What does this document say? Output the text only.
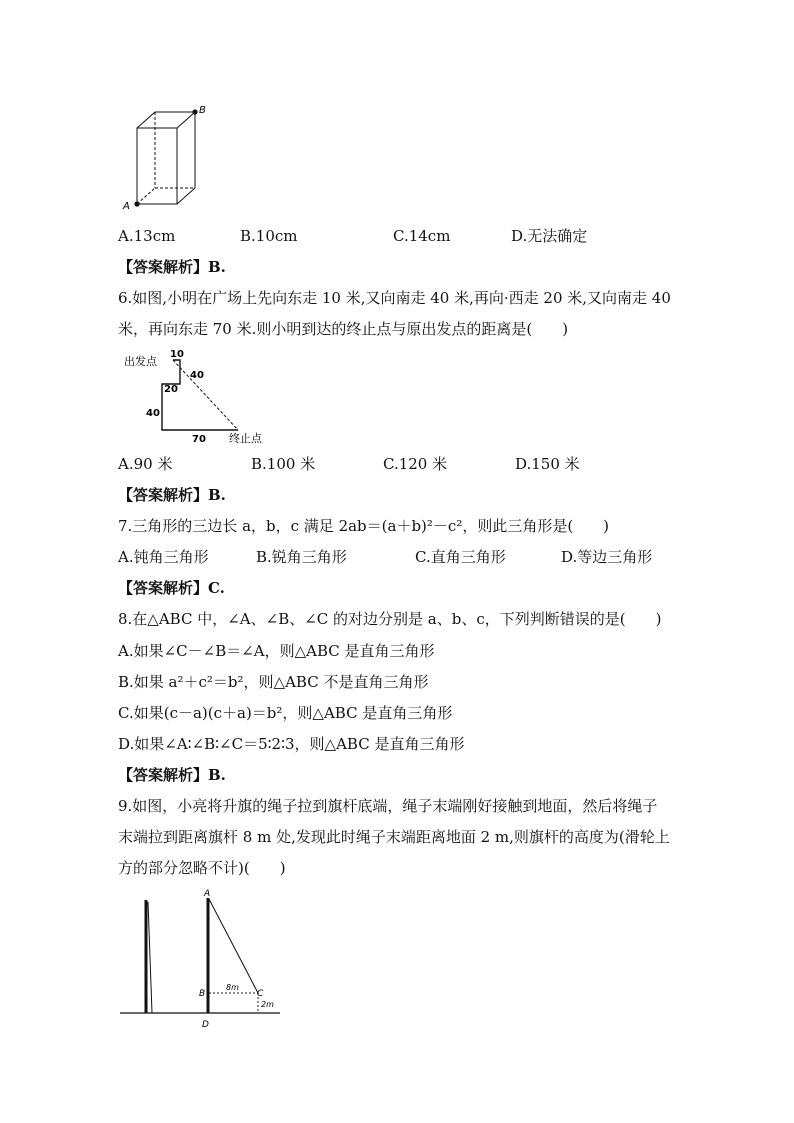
A
B
A.13cm	B.10cm	C.14cm	D.无法确定
【答案解析】B.
6.如图,小明在广场上先向东走 10 米,又向南走 40 米,再向·西走 20 米,又向南走 40
米，再向东走 70 米.则小明到达的终止点与原出发点的距离是(　　)
出发点
10
40
20
40
70 终止点
A.90 米	B.100 米	C.120 米	D.150 米
【答案解析】B.
7.三角形的三边长 a，b，c 满足 2ab＝(a＋b)²－c²，则此三角形是(　　)
A.钝角三角形	B.锐角三角形	C.直角三角形	D.等边三角形
【答案解析】C.
8.在△ABC 中，∠A、∠B、∠C 的对边分别是 a、b、c，下列判断错误的是(　　)
A.如果∠C－∠B＝∠A，则△ABC 是直角三角形
B.如果 a²＋c²＝b²，则△ABC 不是直角三角形
C.如果(c－a)(c＋a)＝b²，则△ABC 是直角三角形
D.如果∠A∶∠B∶∠C＝5∶2∶3，则△ABC 是直角三角形
【答案解析】B.
9.如图，小亮将升旗的绳子拉到旗杆底端，绳子末端刚好接触到地面，然后将绳子
末端拉到距离旗杆 8 m 处,发现此时绳子末端距离地面 2 m,则旗杆的高度为(滑轮上
方的部分忽略不计)(　　)
A
B	C
D
8m
2m
